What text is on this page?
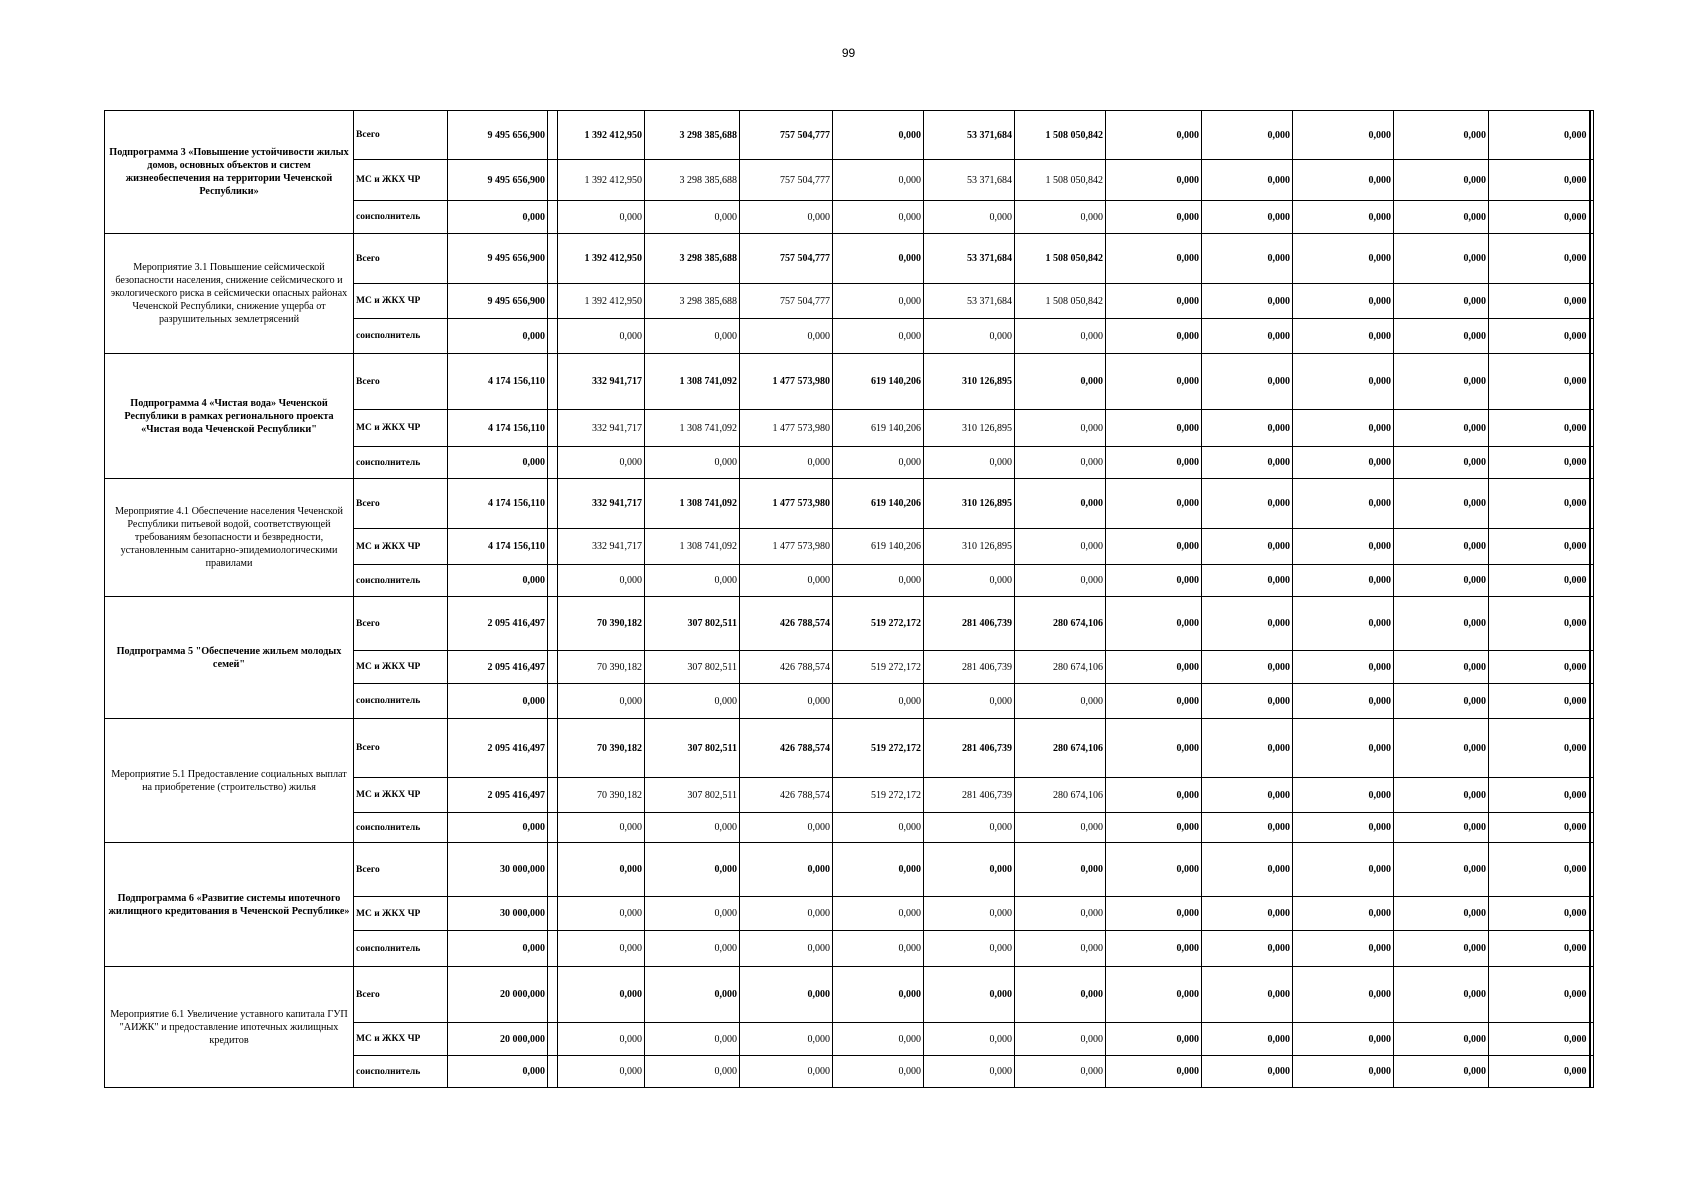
99
Подпрограмма 3 «Повышение устойчивости жилых домов, основных объектов и систем жизнеобеспечения на территории Чеченской Республики»	Всего	9 495 656,900		1 392 412,950	3 298 385,688	757 504,777	0,000	53 371,684	1 508 050,842	0,000	0,000	0,000	0,000	0,000	
	МС и ЖКХ ЧР	9 495 656,900		1 392 412,950	3 298 385,688	757 504,777	0,000	53 371,684	1 508 050,842	0,000	0,000	0,000	0,000	0,000	
	соисполнитель	0,000		0,000	0,000	0,000	0,000	0,000	0,000	0,000	0,000	0,000	0,000	0,000	
Мероприятие 3.1 Повышение сейсмической безопасности населения, снижение сейсмического и экологического риска в сейсмически опасных районах Чеченской Республики, снижение ущерба от разрушительных землетрясений	Всего	9 495 656,900		1 392 412,950	3 298 385,688	757 504,777	0,000	53 371,684	1 508 050,842	0,000	0,000	0,000	0,000	0,000	
	МС и ЖКХ ЧР	9 495 656,900		1 392 412,950	3 298 385,688	757 504,777	0,000	53 371,684	1 508 050,842	0,000	0,000	0,000	0,000	0,000	
	соисполнитель	0,000		0,000	0,000	0,000	0,000	0,000	0,000	0,000	0,000	0,000	0,000	0,000	
Подпрограмма 4 «Чистая вода» Чеченской Республики в рамках регионального проекта «Чистая вода Чеченской Республики"	Всего	4 174 156,110		332 941,717	1 308 741,092	1 477 573,980	619 140,206	310 126,895	0,000	0,000	0,000	0,000	0,000	0,000	
	МС и ЖКХ ЧР	4 174 156,110		332 941,717	1 308 741,092	1 477 573,980	619 140,206	310 126,895	0,000	0,000	0,000	0,000	0,000	0,000	
	соисполнитель	0,000		0,000	0,000	0,000	0,000	0,000	0,000	0,000	0,000	0,000	0,000	0,000	
Мероприятие 4.1 Обеспечение населения Чеченской Республики питьевой водой, соответствующей требованиям безопасности и безвредности, установленным санитарно-эпидемиологическими правилами	Всего	4 174 156,110		332 941,717	1 308 741,092	1 477 573,980	619 140,206	310 126,895	0,000	0,000	0,000	0,000	0,000	0,000	
	МС и ЖКХ ЧР	4 174 156,110		332 941,717	1 308 741,092	1 477 573,980	619 140,206	310 126,895	0,000	0,000	0,000	0,000	0,000	0,000	
	соисполнитель	0,000		0,000	0,000	0,000	0,000	0,000	0,000	0,000	0,000	0,000	0,000	0,000	
Подпрограмма 5 "Обеспечение жильем молодых семей"	Всего	2 095 416,497		70 390,182	307 802,511	426 788,574	519 272,172	281 406,739	280 674,106	0,000	0,000	0,000	0,000	0,000	
	МС и ЖКХ ЧР	2 095 416,497		70 390,182	307 802,511	426 788,574	519 272,172	281 406,739	280 674,106	0,000	0,000	0,000	0,000	0,000	
	соисполнитель	0,000		0,000	0,000	0,000	0,000	0,000	0,000	0,000	0,000	0,000	0,000	0,000	
Мероприятие 5.1 Предоставление социальных выплат на приобретение (строительство) жилья	Всего	2 095 416,497		70 390,182	307 802,511	426 788,574	519 272,172	281 406,739	280 674,106	0,000	0,000	0,000	0,000	0,000	
	МС и ЖКХ ЧР	2 095 416,497		70 390,182	307 802,511	426 788,574	519 272,172	281 406,739	280 674,106	0,000	0,000	0,000	0,000	0,000	
	соисполнитель	0,000		0,000	0,000	0,000	0,000	0,000	0,000	0,000	0,000	0,000	0,000	0,000	
Подпрограмма 6 «Развитие системы ипотечного жилищного кредитования в Чеченской Республике»	Всего	30 000,000		0,000	0,000	0,000	0,000	0,000	0,000	0,000	0,000	0,000	0,000	0,000	
	МС и ЖКХ ЧР	30 000,000		0,000	0,000	0,000	0,000	0,000	0,000	0,000	0,000	0,000	0,000	0,000	
	соисполнитель	0,000		0,000	0,000	0,000	0,000	0,000	0,000	0,000	0,000	0,000	0,000	0,000	
Мероприятие 6.1 Увеличение уставного капитала ГУП "АИЖК" и предоставление ипотечных жилищных кредитов	Всего	20 000,000		0,000	0,000	0,000	0,000	0,000	0,000	0,000	0,000	0,000	0,000	0,000	
	МС и ЖКХ ЧР	20 000,000		0,000	0,000	0,000	0,000	0,000	0,000	0,000	0,000	0,000	0,000	0,000	
	соисполнитель	0,000		0,000	0,000	0,000	0,000	0,000	0,000	0,000	0,000	0,000	0,000	0,000	
